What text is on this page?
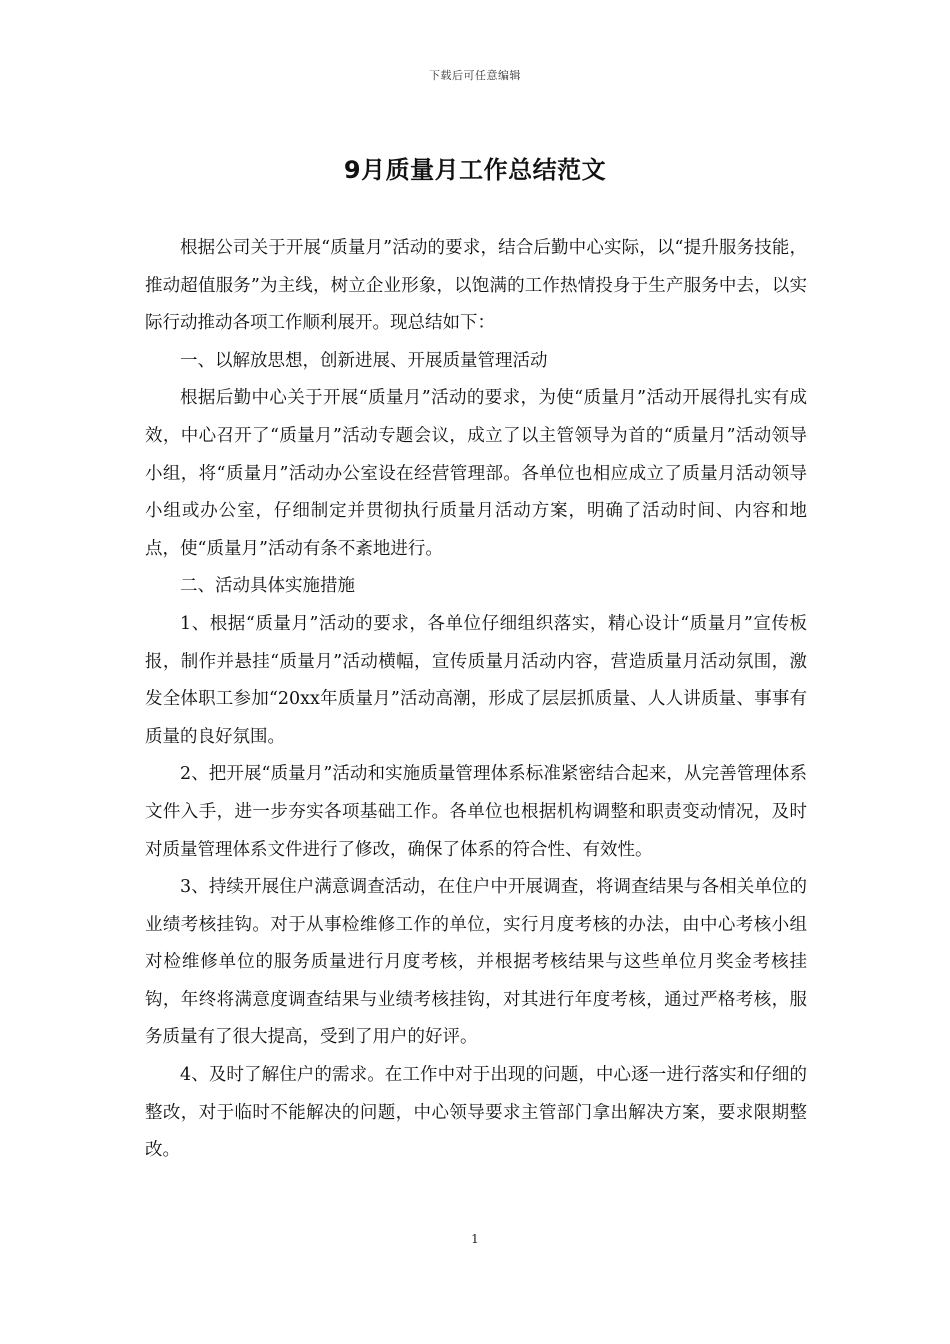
下载后可任意编辑
9月质量月工作总结范文

根据公司关于开展“质量月”活动的要求，结合后勤中心实际，以“提升服务技能，推动超值服务”为主线，树立企业形象，以饱满的工作热情投身于生产服务中去，以实际行动推动各项工作顺利展开。现总结如下：

一、以解放思想，创新进展、开展质量管理活动

根据后勤中心关于开展“质量月”活动的要求，为使“质量月”活动开展得扎实有成效，中心召开了“质量月”活动专题会议，成立了以主管领导为首的“质量月”活动领导小组，将“质量月”活动办公室设在经营管理部。各单位也相应成立了质量月活动领导小组或办公室，仔细制定并贯彻执行质量月活动方案，明确了活动时间、内容和地点，使“质量月”活动有条不紊地进行。

二、活动具体实施措施

1、根据“质量月”活动的要求，各单位仔细组织落实，精心设计“质量月”宣传板报，制作并悬挂“质量月”活动横幅，宣传质量月活动内容，营造质量月活动氛围，激发全体职工参加“20xx年质量月”活动高潮，形成了层层抓质量、人人讲质量、事事有质量的良好氛围。

2、把开展“质量月”活动和实施质量管理体系标准紧密结合起来，从完善管理体系文件入手，进一步夯实各项基础工作。各单位也根据机构调整和职责变动情况，及时对质量管理体系文件进行了修改，确保了体系的符合性、有效性。

3、持续开展住户满意调查活动，在住户中开展调查，将调查结果与各相关单位的业绩考核挂钩。对于从事检维修工作的单位，实行月度考核的办法，由中心考核小组对检维修单位的服务质量进行月度考核，并根据考核结果与这些单位月奖金考核挂钩，年终将满意度调查结果与业绩考核挂钩，对其进行年度考核，通过严格考核，服务质量有了很大提高，受到了用户的好评。

4、及时了解住户的需求。在工作中对于出现的问题，中心逐一进行落实和仔细的整改，对于临时不能解决的问题，中心领导要求主管部门拿出解决方案，要求限期整改。

1
